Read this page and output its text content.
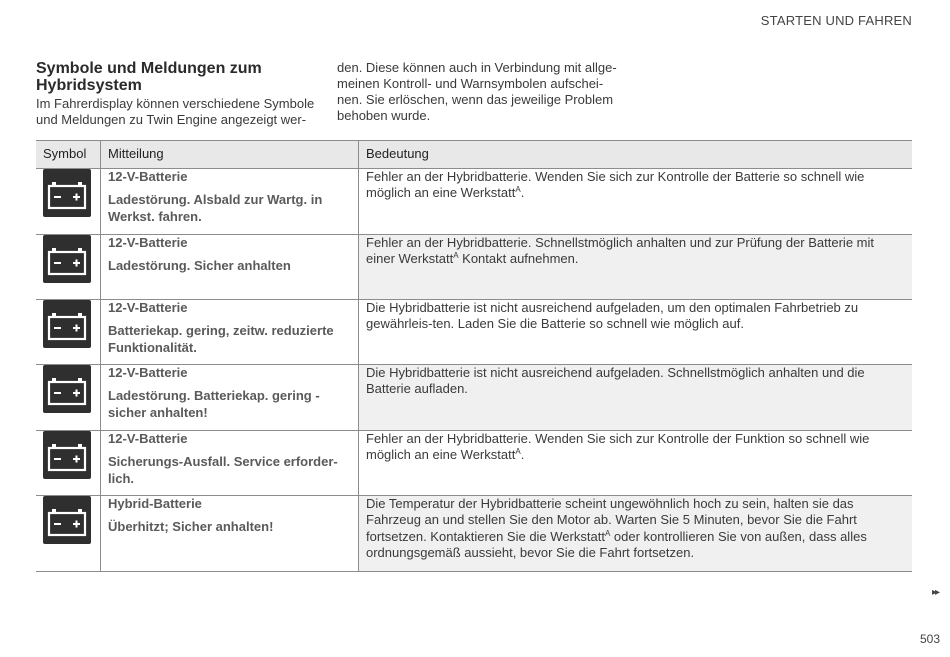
STARTEN UND FAHREN
Symbole und Meldungen zum Hybridsystem
Im Fahrerdisplay können verschiedene Symbole und Meldungen zu Twin Engine angezeigt wer-
den. Diese können auch in Verbindung mit allge-meinen Kontroll- und Warnsymbolen aufschei-nen. Sie erlöschen, wenn das jeweilige Problem behoben wurde.
Symbol	Mitteilung	Bedeutung

12-V-Batterie
Ladestörung. Alsbald zur Wartg. in Werkst. fahren.	Fehler an der Hybridbatterie. Wenden Sie sich zur Kontrolle der Batterie so schnell wie möglich an eine Werkstatt$^A$.

12-V-Batterie
Ladestörung. Sicher anhalten	Fehler an der Hybridbatterie. Schnellstmöglich anhalten und zur Prüfung der Batterie mit einer Werkstatt$^A$ Kontakt aufnehmen.

12-V-Batterie
Batteriekap. gering, zeitw. reduzierte Funktionalität.	Die Hybridbatterie ist nicht ausreichend aufgeladen, um den optimalen Fahrbetrieb zu gewährleis-ten. Laden Sie die Batterie so schnell wie möglich auf.

12-V-Batterie
Ladestörung. Batteriekap. gering - sicher anhalten!	Die Hybridbatterie ist nicht ausreichend aufgeladen. Schnellstmöglich anhalten und die Batterie aufladen.

12-V-Batterie
Sicherungs-Ausfall. Service erforder-lich.	Fehler an der Hybridbatterie. Wenden Sie sich zur Kontrolle der Funktion so schnell wie möglich an eine Werkstatt$^A$.

Hybrid-Batterie
Überhitzt; Sicher anhalten!	Die Temperatur der Hybridbatterie scheint ungewöhnlich hoch zu sein, halten sie das Fahrzeug an und stellen Sie den Motor ab. Warten Sie 5 Minuten, bevor Sie die Fahrt fortsetzen. Kontaktieren Sie die Werkstatt$^A$ oder kontrollieren Sie von außen, dass alles ordnungsgemäß aussieht, bevor Sie die Fahrt fortsetzen.
▸▸
503
